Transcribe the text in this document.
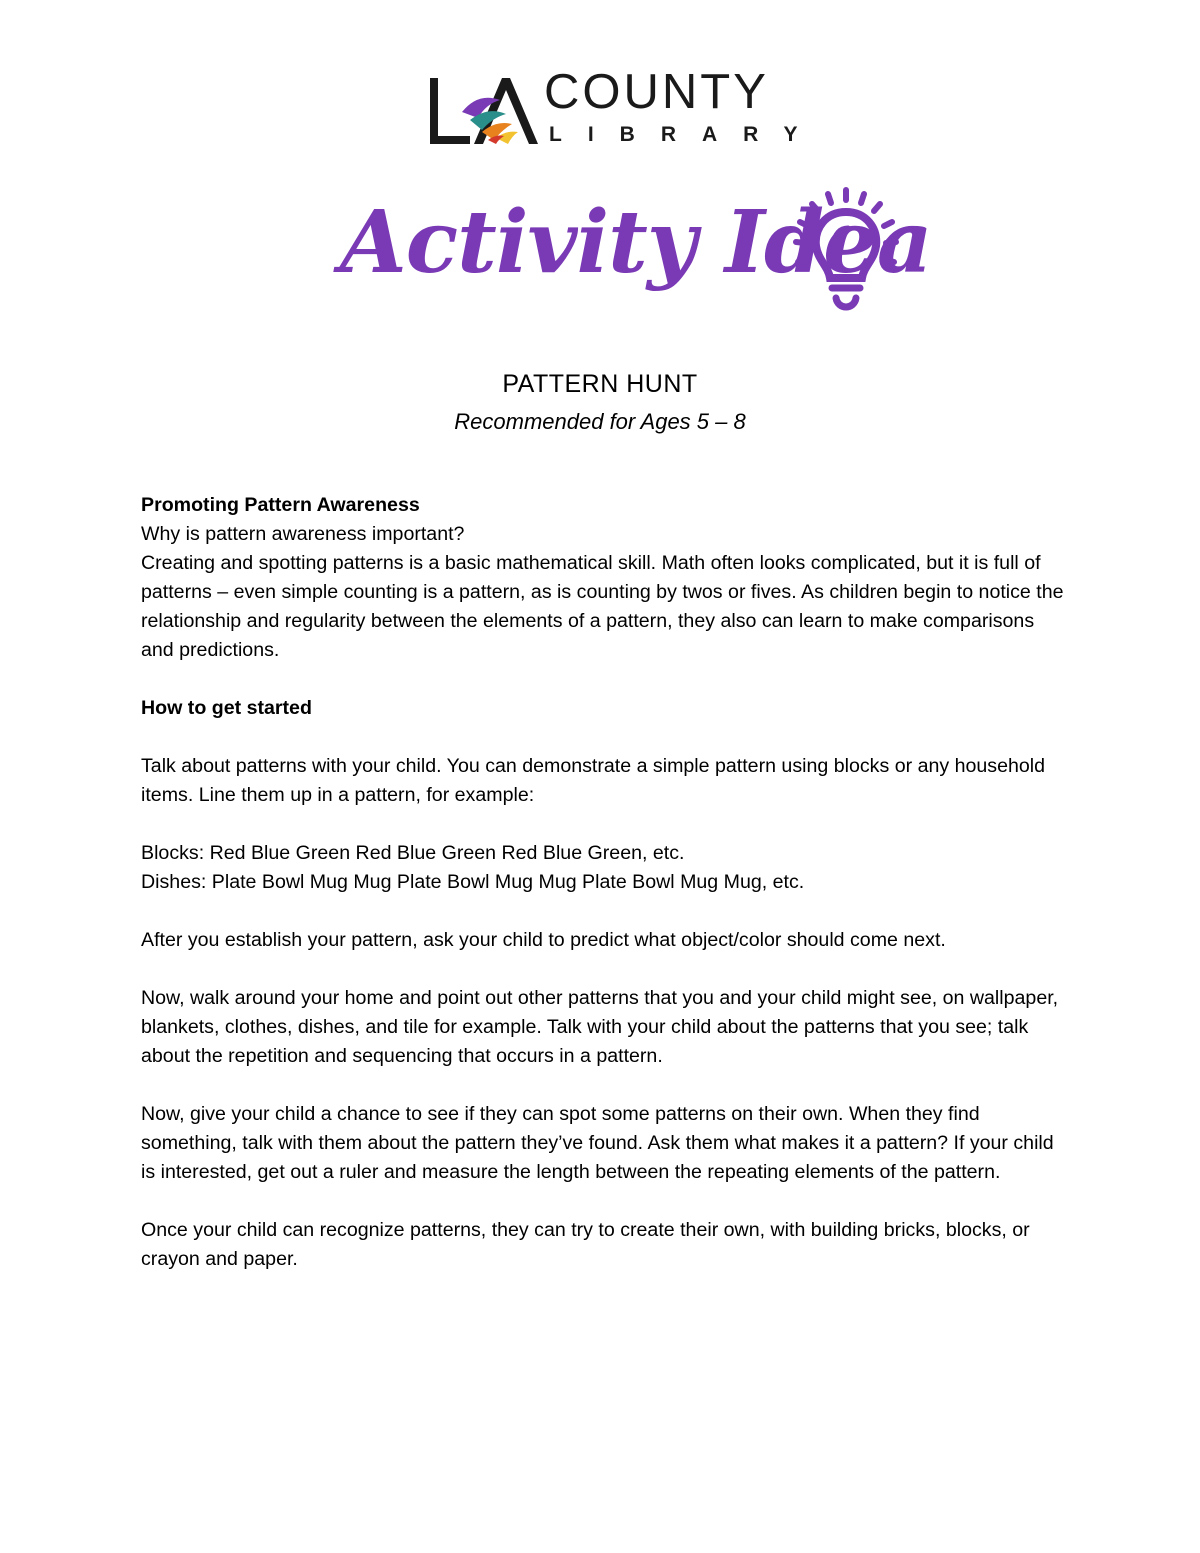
COUNTY
LIBRARY
Activity Idea
PATTERN HUNT
Recommended for Ages 5 – 8

Promoting Pattern Awareness

Why is pattern awareness important?

Creating and spotting patterns is a basic mathematical skill. Math often looks complicated, but it is full of patterns – even simple counting is a pattern, as is counting by twos or fives. As children begin to notice the relationship and regularity between the elements of a pattern, they also can learn to make comparisons and predictions.

How to get started

Talk about patterns with your child. You can demonstrate a simple pattern using blocks or any household items. Line them up in a pattern, for example:

Blocks: Red Blue Green Red Blue Green Red Blue Green, etc.

Dishes: Plate Bowl Mug Mug Plate Bowl Mug Mug Plate Bowl Mug Mug, etc.

After you establish your pattern, ask your child to predict what object/color should come next.

Now, walk around your home and point out other patterns that you and your child might see, on wallpaper, blankets, clothes, dishes, and tile for example. Talk with your child about the patterns that you see; talk about the repetition and sequencing that occurs in a pattern.

Now, give your child a chance to see if they can spot some patterns on their own. When they find something, talk with them about the pattern they’ve found. Ask them what makes it a pattern? If your child is interested, get out a ruler and measure the length between the repeating elements of the pattern.

Once your child can recognize patterns, they can try to create their own, with building bricks, blocks, or crayon and paper.
